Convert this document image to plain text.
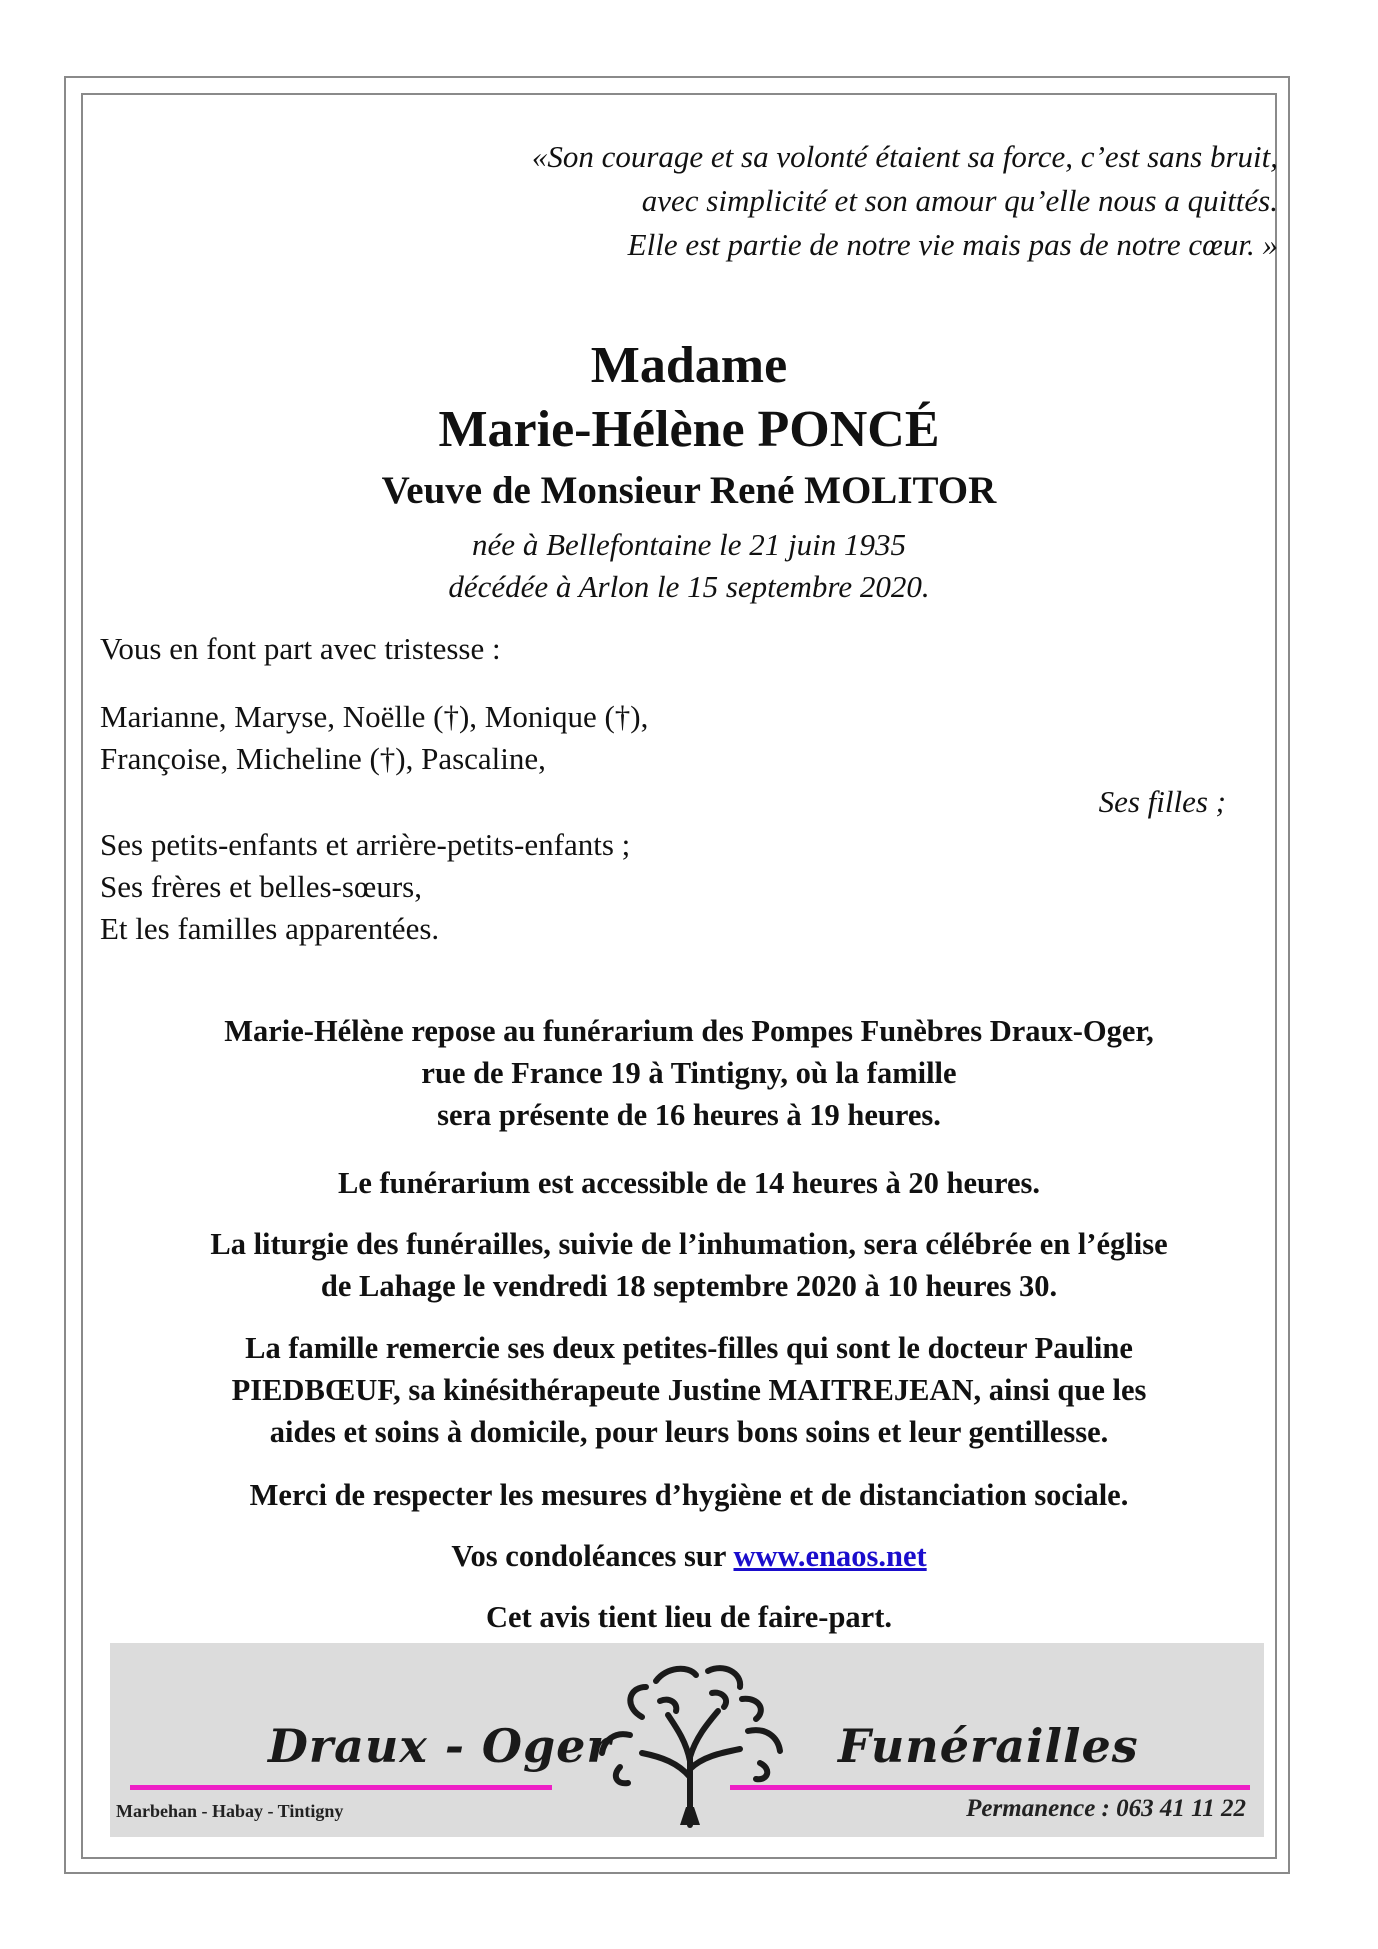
«Son courage et sa volonté étaient sa force, c’est sans bruit,
avec simplicité et son amour qu’elle nous a quittés.
Elle est partie de notre vie mais pas de notre cœur. »
Madame
Marie-Hélène PONCÉ
Veuve de Monsieur René MOLITOR
née à Bellefontaine le 21 juin 1935
décédée à Arlon le 15 septembre 2020.
Vous en font part avec tristesse :
Marianne, Maryse, Noëlle (†), Monique (†),
Françoise, Micheline (†), Pascaline,
Ses filles ;
Ses petits-enfants et arrière-petits-enfants ;
Ses frères et belles-sœurs,
Et les familles apparentées.
Marie-Hélène repose au funérarium des Pompes Funèbres Draux-Oger,
rue de France 19 à Tintigny, où la famille
sera présente de 16 heures à 19 heures.
Le funérarium est accessible de 14 heures à 20 heures.
La liturgie des funérailles, suivie de l’inhumation, sera célébrée en l’église
de Lahage le vendredi 18 septembre 2020 à 10 heures 30.
La famille remercie ses deux petites-filles qui sont le docteur Pauline
PIEDBŒUF, sa kinésithérapeute Justine MAITREJEAN, ainsi que les
aides et soins à domicile, pour leurs bons soins et leur gentillesse.
Merci de respecter les mesures d’hygiène et de distanciation sociale.
Vos condoléances sur www.enaos.net
Cet avis tient lieu de faire-part.
Draux - Oger	Funérailles
Marbehan - Habay - Tintigny	Permanence : 063 41 11 22
